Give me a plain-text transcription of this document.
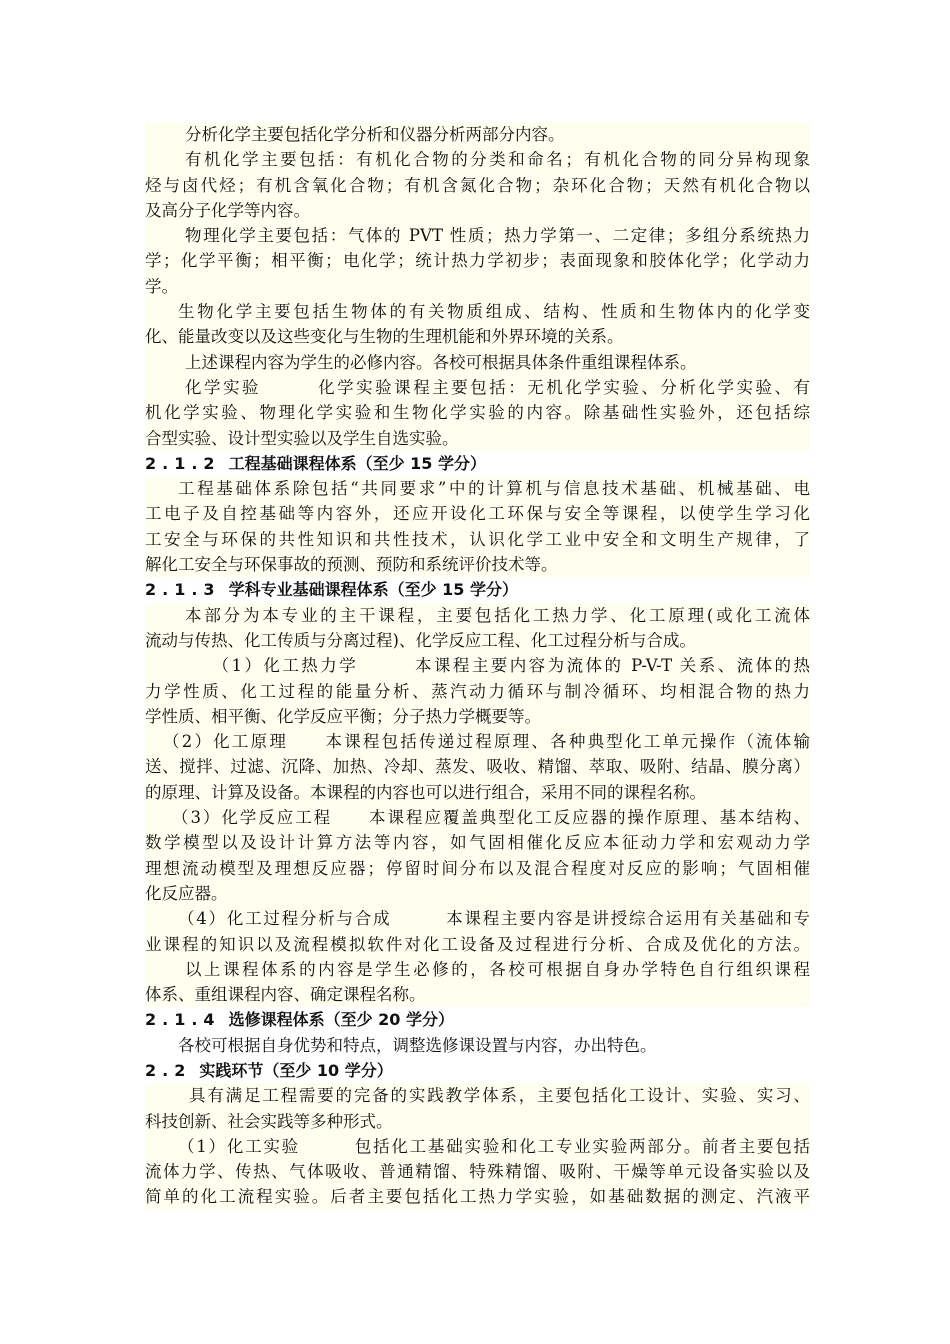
分析化学主要包括化学分析和仪器分析两部分内容。
有机化学主要包括：有机化合物的分类和命名；有机化合物的同分异构现象
烃与卤代烃；有机含氧化合物；有机含氮化合物；杂环化合物；天然有机化合物以
及高分子化学等内容。
物理化学主要包括：气体的 PVT 性质；热力学第一、二定律；多组分系统热力
学；化学平衡；相平衡；电化学；统计热力学初步；表面现象和胶体化学；化学动力
学。
生物化学主要包括生物体的有关物质组成、结构、性质和生物体内的化学变
化、能量改变以及这些变化与生物的生理机能和外界环境的关系。
上述课程内容为学生的必修内容。各校可根据具体条件重组课程体系。
化学实验　　　化学实验课程主要包括：无机化学实验、分析化学实验、有
机化学实验、物理化学实验和生物化学实验的内容。除基础性实验外，还包括综
合型实验、设计型实验以及学生自选实验。
2.1.2 工程基础课程体系（至少 15 学分）
工程基础体系除包括“共同要求”中的计算机与信息技术基础、机械基础、电
工电子及自控基础等内容外，还应开设化工环保与安全等课程，以使学生学习化
工安全与环保的共性知识和共性技术，认识化学工业中安全和文明生产规律，了
解化工安全与环保事故的预测、预防和系统评价技术等。
2.1.3 学科专业基础课程体系（至少 15 学分）
本部分为本专业的主干课程，主要包括化工热力学、化工原理(或化工流体
流动与传热、化工传质与分离过程)、化学反应工程、化工过程分析与合成。
　　　　（1）化工热力学　　　本课程主要内容为流体的 P-V-T 关系、流体的热
力学性质、化工过程的能量分析、蒸汽动力循环与制冷循环、均相混合物的热力
学性质、相平衡、化学反应平衡；分子热力学概要等。
（2）化工原理　　本课程包括传递过程原理、各种典型化工单元操作（流体输
送、搅拌、过滤、沉降、加热、冷却、蒸发、吸收、精馏、萃取、吸附、结晶、膜分离）
的原理、计算及设备。本课程的内容也可以进行组合，采用不同的课程名称。
（3）化学反应工程　　本课程应覆盖典型化工反应器的操作原理、基本结构、
数学模型以及设计计算方法等内容，如气固相催化反应本征动力学和宏观动力学
理想流动模型及理想反应器；停留时间分布以及混合程度对反应的影响；气固相催
化反应器。
（4）化工过程分析与合成　　　本课程主要内容是讲授综合运用有关基础和专
业课程的知识以及流程模拟软件对化工设备及过程进行分析、合成及优化的方法。
以上课程体系的内容是学生必修的，各校可根据自身办学特色自行组织课程
体系、重组课程内容、确定课程名称。
2.1.4 选修课程体系（至少 20 学分）
各校可根据自身优势和特点，调整选修课设置与内容，办出特色。
2.2 实践环节（至少 10 学分）
具有满足工程需要的完备的实践教学体系，主要包括化工设计、实验、实习、
科技创新、社会实践等多种形式。
（1）化工实验　　　包括化工基础实验和化工专业实验两部分。前者主要包括
流体力学、传热、气体吸收、普通精馏、特殊精馏、吸附、干燥等单元设备实验以及
简单的化工流程实验。后者主要包括化工热力学实验，如基础数据的测定、汽液平
